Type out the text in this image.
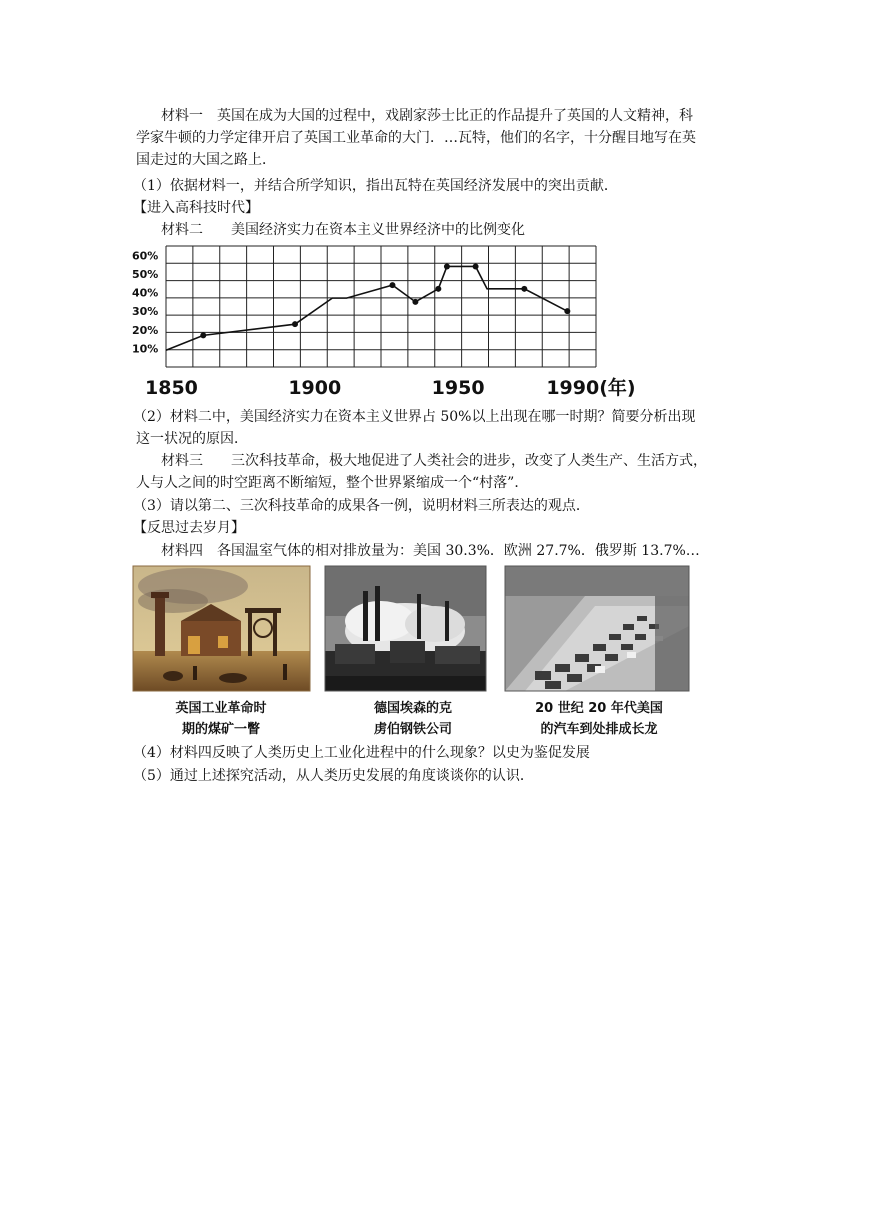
材料一　英国在成为大国的过程中，戏剧家莎士比正的作品提升了英国的人文精神，科
学家牛顿的力学定律开启了英国工业革命的大门．…瓦特，他们的名字，十分醒目地写在英
国走过的大国之路上．
（1）依据材料一，并结合所学知识，指出瓦特在英国经济发展中的突出贡献．
【进入高科技时代】
材料二　　美国经济实力在资本主义世界经济中的比例变化
60%
50%
40%
30%
20%
10%
1850	1900	1950	1990(年)
（2）材料二中，美国经济实力在资本主义世界占 50%以上出现在哪一时期？简要分析出现
这一状况的原因．
材料三　　三次科技革命，极大地促进了人类社会的进步，改变了人类生产、生活方式，
人与人之间的时空距离不断缩短，整个世界紧缩成一个“村落”．
（3）请以第二、三次科技革命的成果各一例，说明材料三所表达的观点．
【反思过去岁月】
材料四　各国温室气体的相对排放量为：美国 30.3%．欧洲 27.7%．俄罗斯 13.7%…
英国工业革命时
期的煤矿一瞥
德国埃森的克
虏伯钢铁公司
20 世纪 20 年代美国
的汽车到处排成长龙
（4）材料四反映了人类历史上工业化进程中的什么现象？以史为鉴促发展
（5）通过上述探究活动，从人类历史发展的角度谈谈你的认识．
